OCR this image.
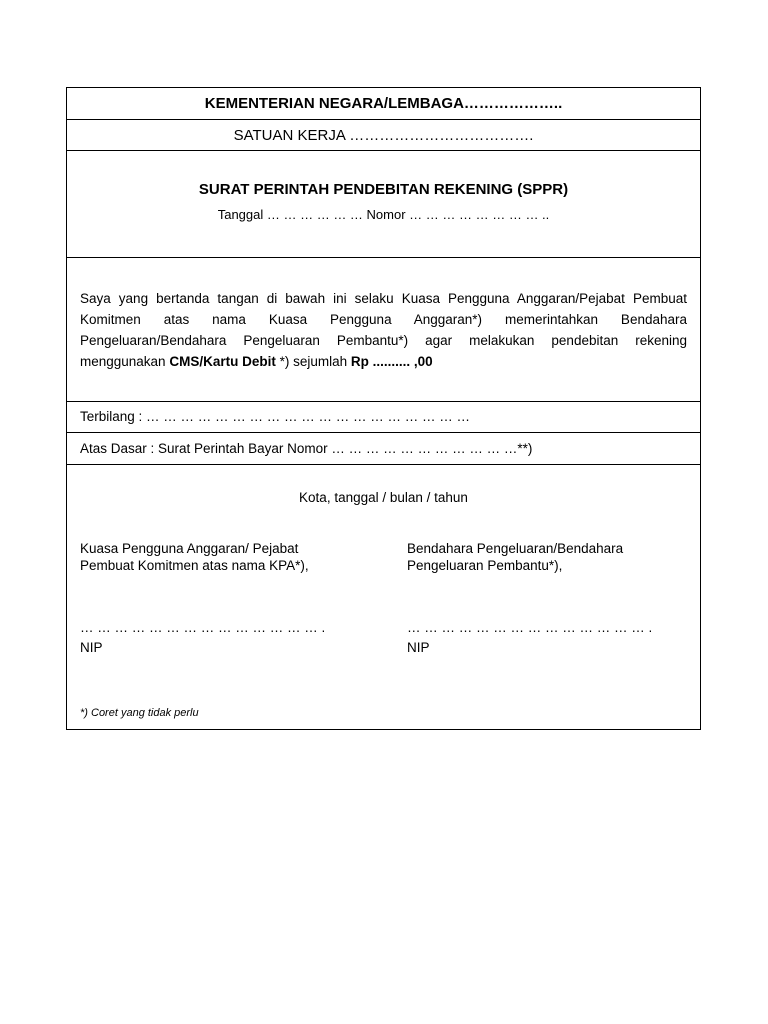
KEMENTERIAN NEGARA/LEMBAGA………………..
SATUAN KERJA ……………………………….
SURAT PERINTAH PENDEBITAN REKENING (SPPR)
Tanggal … … … … … … Nomor … … … … … … … … ..
Saya yang bertanda tangan di bawah ini selaku Kuasa Pengguna Anggaran/Pejabat Pembuat Komitmen atas nama Kuasa Pengguna Anggaran*) memerintahkan Bendahara Pengeluaran/Bendahara Pengeluaran Pembantu*) agar melakukan pendebitan rekening menggunakan CMS/Kartu Debit *) sejumlah Rp .......... ,00
Terbilang : … … … … … … … … … … … … … … … … … … …
Atas Dasar : Surat Perintah Bayar Nomor … … … … … … … … … … …**)
Kota, tanggal / bulan / tahun
Kuasa Pengguna Anggaran/ Pejabat
Pembuat Komitmen atas nama KPA*),
… … … … … … … … … … … … … … .
NIP
Bendahara Pengeluaran/Bendahara
Pengeluaran Pembantu*),
… … … … … … … … … … … … … … .
NIP
*) Coret yang tidak perlu
